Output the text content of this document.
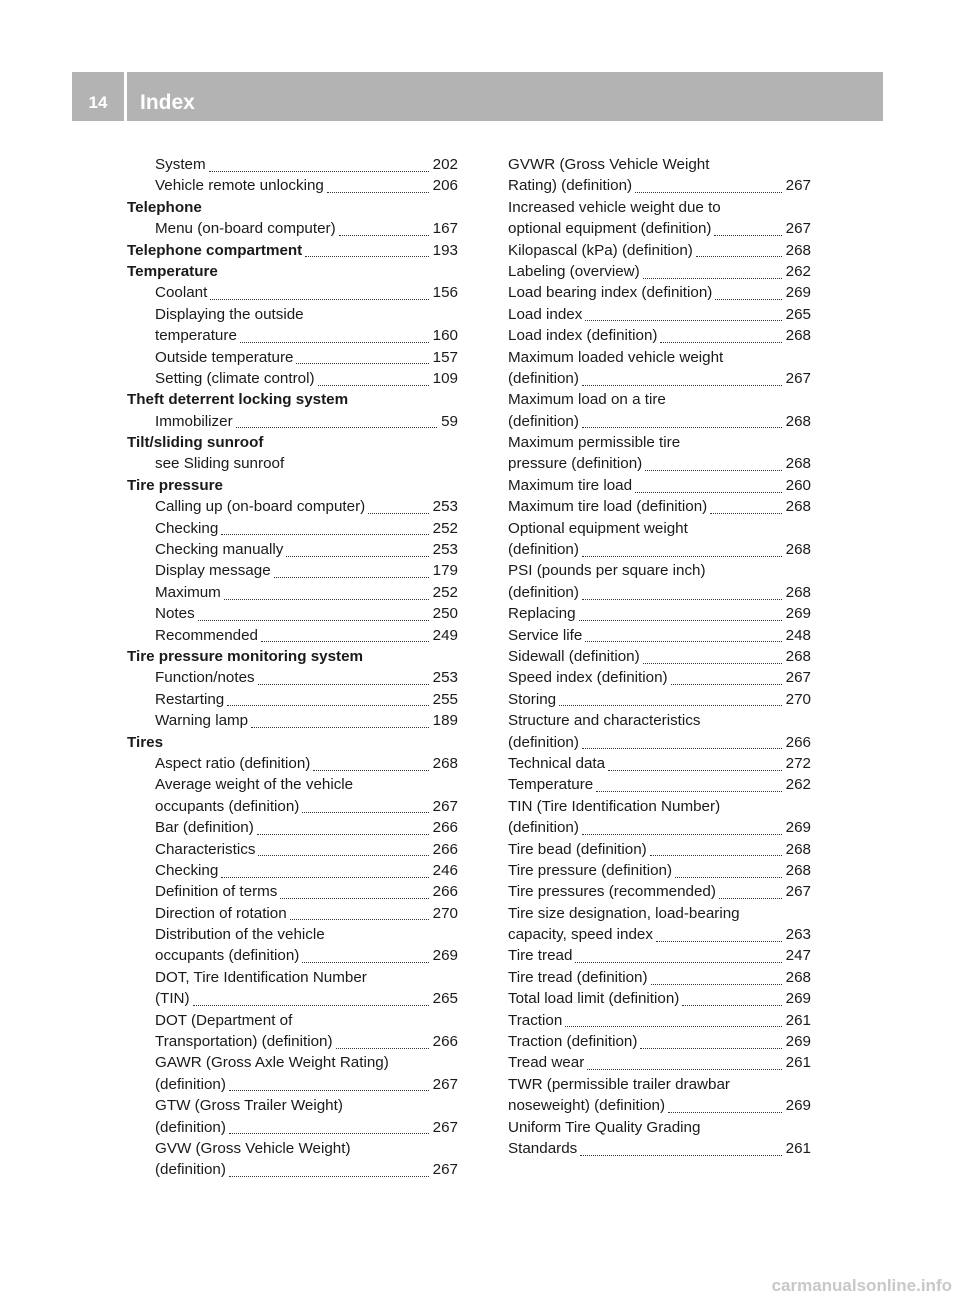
14	Index
System	202
Vehicle remote unlocking	206
Telephone
Menu (on-board computer)	167
Telephone compartment	193
Temperature
Coolant	156
Displaying the outside
temperature	160
Outside temperature	157
Setting (climate control)	109
Theft deterrent locking system
Immobilizer	59
Tilt/sliding sunroof
see Sliding sunroof
Tire pressure
Calling up (on-board computer)	253
Checking	252
Checking manually	253
Display message	179
Maximum	252
Notes	250
Recommended	249
Tire pressure monitoring system
Function/notes	253
Restarting	255
Warning lamp	189
Tires
Aspect ratio (definition)	268
Average weight of the vehicle
occupants (definition)	267
Bar (definition)	266
Characteristics	266
Checking	246
Definition of terms	266
Direction of rotation	270
Distribution of the vehicle
occupants (definition)	269
DOT, Tire Identification Number
(TIN)	265
DOT (Department of
Transportation) (definition)	266
GAWR (Gross Axle Weight Rating)
(definition)	267
GTW (Gross Trailer Weight)
(definition)	267
GVW (Gross Vehicle Weight)
(definition)	267
GVWR (Gross Vehicle Weight
Rating) (definition)	267
Increased vehicle weight due to
optional equipment (definition)	267
Kilopascal (kPa) (definition)	268
Labeling (overview)	262
Load bearing index (definition)	269
Load index	265
Load index (definition)	268
Maximum loaded vehicle weight
(definition)	267
Maximum load on a tire
(definition)	268
Maximum permissible tire
pressure (definition)	268
Maximum tire load	260
Maximum tire load (definition)	268
Optional equipment weight
(definition)	268
PSI (pounds per square inch)
(definition)	268
Replacing	269
Service life	248
Sidewall (definition)	268
Speed index (definition)	267
Storing	270
Structure and characteristics
(definition)	266
Technical data	272
Temperature	262
TIN (Tire Identification Number)
(definition)	269
Tire bead (definition)	268
Tire pressure (definition)	268
Tire pressures (recommended)	267
Tire size designation, load-bearing
capacity, speed index	263
Tire tread	247
Tire tread (definition)	268
Total load limit (definition)	269
Traction	261
Traction (definition)	269
Tread wear	261
TWR (permissible trailer drawbar
noseweight) (definition)	269
Uniform Tire Quality Grading
Standards	261
carmanualsonline.info
